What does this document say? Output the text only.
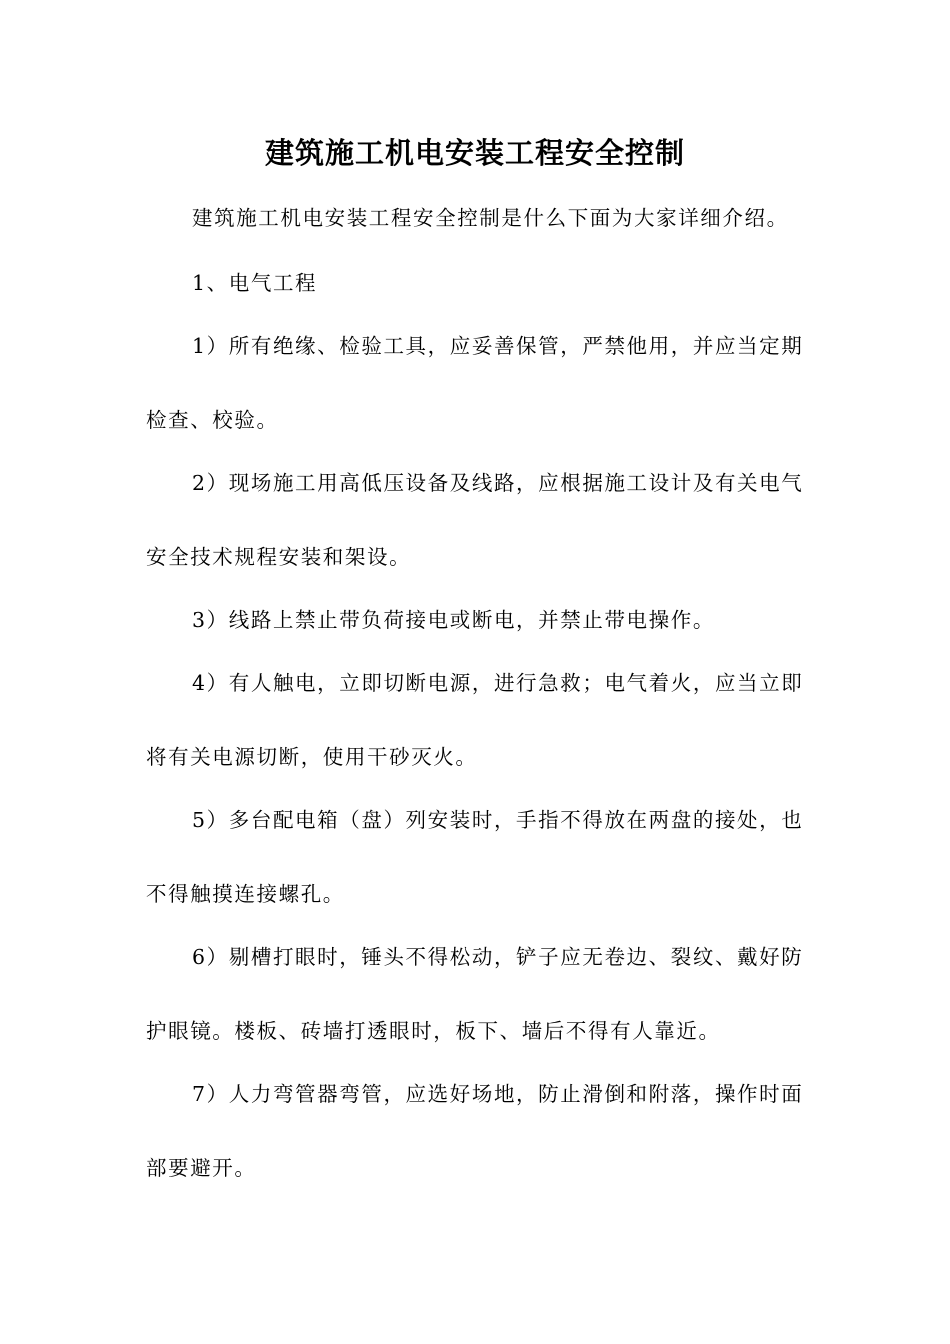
建筑施工机电安装工程安全控制
建筑施工机电安装工程安全控制是什么下面为大家详细介绍。
1、电气工程
1）所有绝缘、检验工具，应妥善保管，严禁他用，并应当定期
检查、校验。
2）现场施工用高低压设备及线路，应根据施工设计及有关电气
安全技术规程安装和架设。
3）线路上禁止带负荷接电或断电，并禁止带电操作。
4）有人触电，立即切断电源，进行急救；电气着火，应当立即
将有关电源切断，使用干砂灭火。
5）多台配电箱（盘）列安装时，手指不得放在两盘的接处，也
不得触摸连接螺孔。
6）剔槽打眼时，锤头不得松动，铲子应无卷边、裂纹、戴好防
护眼镜。楼板、砖墙打透眼时，板下、墙后不得有人靠近。
7）人力弯管器弯管，应选好场地，防止滑倒和附落，操作时面
部要避开。
